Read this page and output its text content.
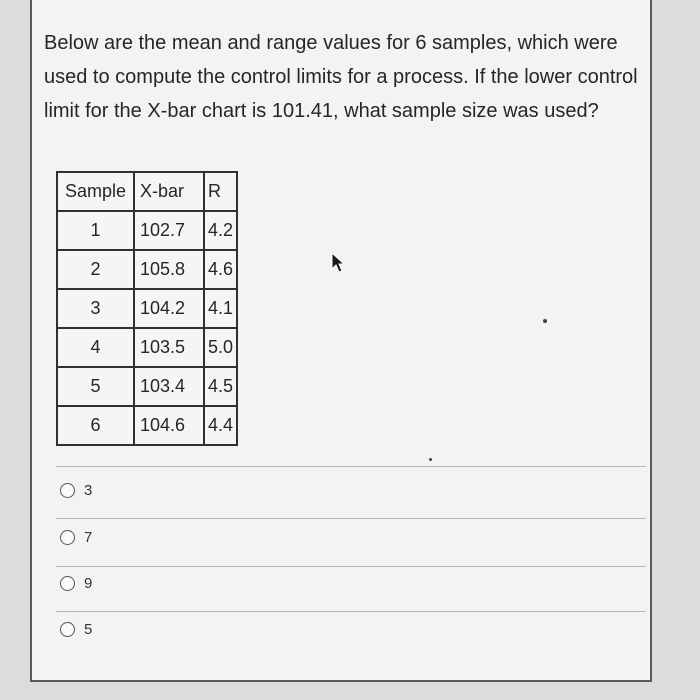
Below are the mean and range values for 6 samples, which were used to compute the control limits for a process. If the lower control limit for the X-bar chart is 101.41, what sample size was used?

Sample	X-bar	R
1	102.7	4.2
2	105.8	4.6
3	104.2	4.1
4	103.5	5.0
5	103.4	4.5
6	104.6	4.4
3
7
9
5
